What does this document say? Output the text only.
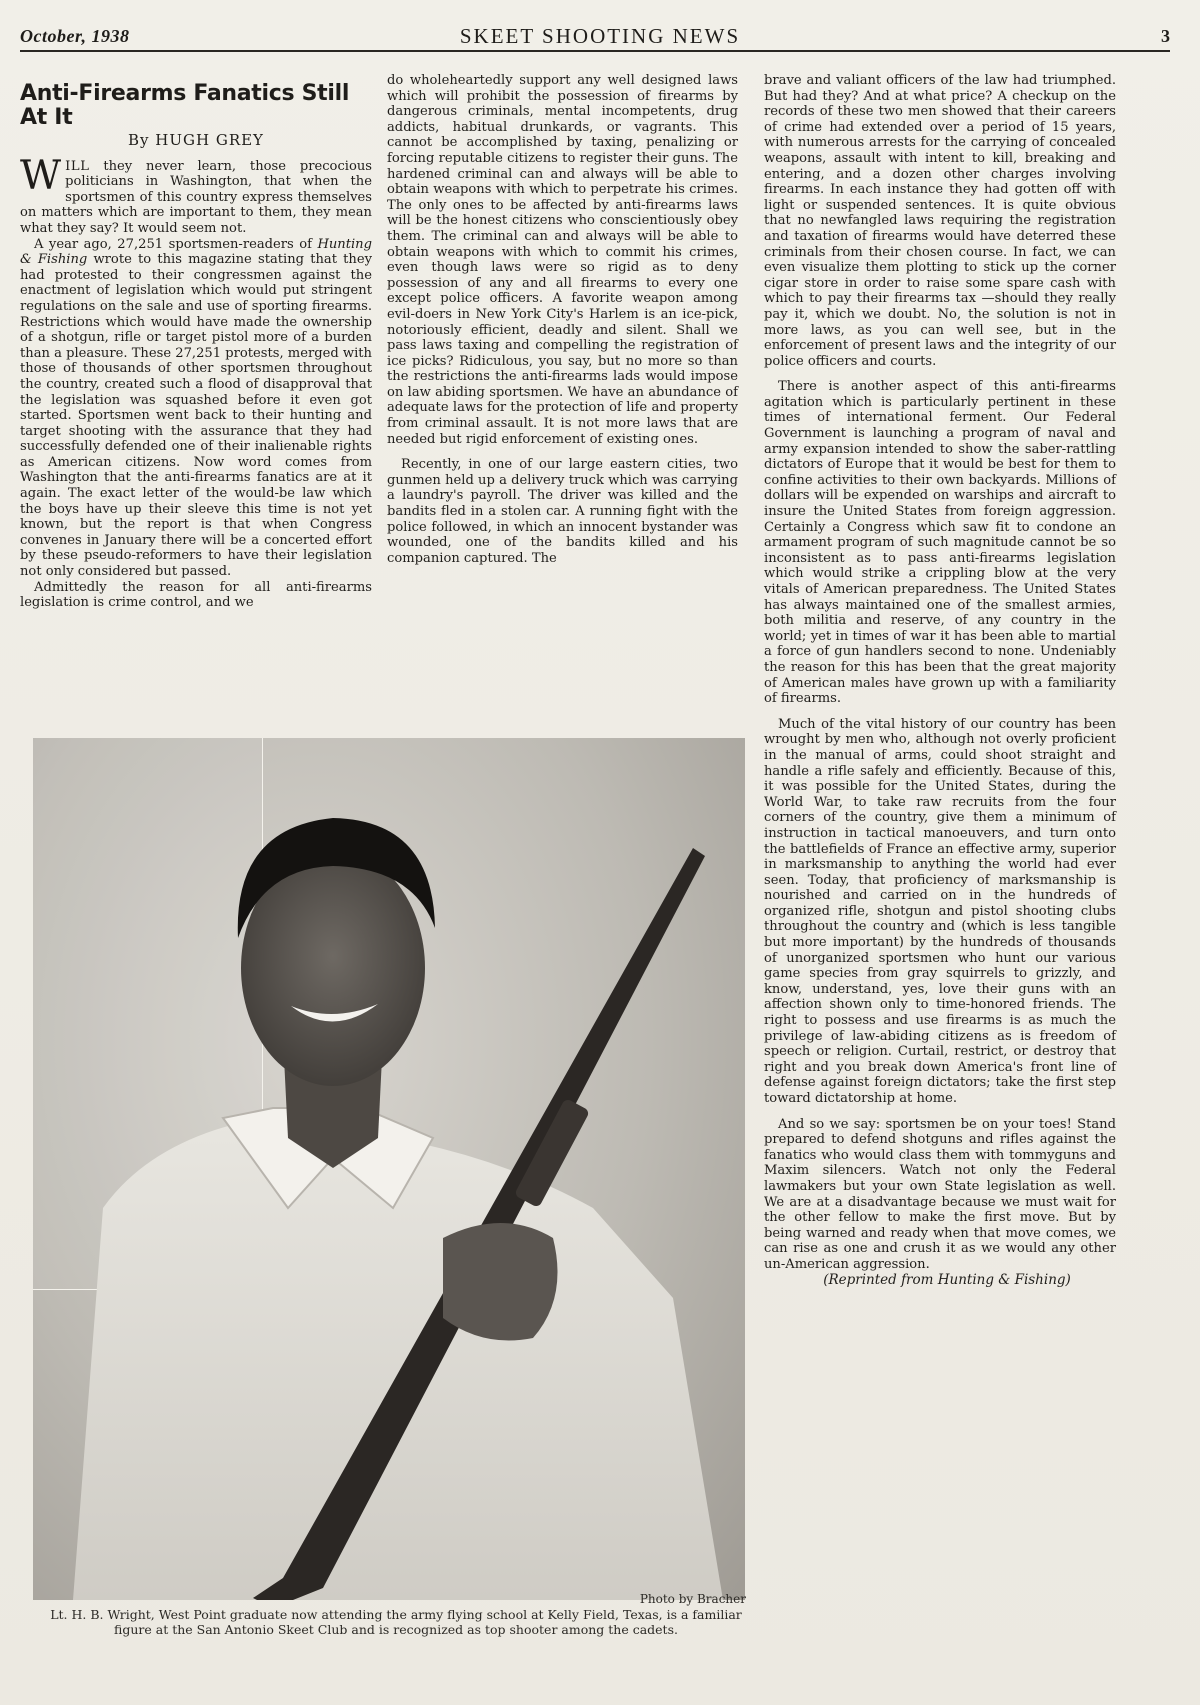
October, 1938	SKEET SHOOTING NEWS	3
Anti-Firearms Fanatics Still At It
By HUGH GREY

WILL they never learn, those precocious politicians in Washington, that when the sportsmen of this country express themselves on matters which are important to them, they mean what they say? It would seem not.

A year ago, 27,251 sportsmen-readers of Hunting & Fishing wrote to this magazine stating that they had protested to their congressmen against the enactment of legislation which would put stringent regulations on the sale and use of sporting firearms. Restrictions which would have made the ownership of a shotgun, rifle or target pistol more of a burden than a pleasure. These 27,251 protests, merged with those of thousands of other sportsmen throughout the country, created such a flood of disapproval that the legislation was squashed before it even got started. Sportsmen went back to their hunting and target shooting with the assurance that they had successfully defended one of their inalienable rights as American citizens. Now word comes from Washington that the anti-firearms fanatics are at it again. The exact letter of the would-be law which the boys have up their sleeve this time is not yet known, but the report is that when Congress convenes in January there will be a concerted effort by these pseudo-reformers to have their legislation not only considered but passed.

Admittedly the reason for all anti-firearms legislation is crime control, and we

do wholeheartedly support any well designed laws which will prohibit the possession of firearms by dangerous criminals, mental incompetents, drug addicts, habitual drunkards, or vagrants. This cannot be accomplished by taxing, penalizing or forcing reputable citizens to register their guns. The hardened criminal can and always will be able to obtain weapons with which to perpetrate his crimes. The only ones to be affected by anti-firearms laws will be the honest citizens who conscientiously obey them. The criminal can and always will be able to obtain weapons with which to commit his crimes, even though laws were so rigid as to deny possession of any and all firearms to every one except police officers. A favorite weapon among evil-doers in New York City's Harlem is an ice-pick, notoriously efficient, deadly and silent. Shall we pass laws taxing and compelling the registration of ice picks? Ridiculous, you say, but no more so than the restrictions the anti-firearms lads would impose on law abiding sportsmen. We have an abundance of adequate laws for the protection of life and property from criminal assault. It is not more laws that are needed but rigid enforcement of existing ones.

Recently, in one of our large eastern cities, two gunmen held up a delivery truck which was carrying a laundry's payroll. The driver was killed and the bandits fled in a stolen car. A running fight with the police followed, in which an innocent bystander was wounded, one of the bandits killed and his companion captured. The

brave and valiant officers of the law had triumphed. But had they? And at what price? A checkup on the records of these two men showed that their careers of crime had extended over a period of 15 years, with numerous arrests for the carrying of concealed weapons, assault with intent to kill, breaking and entering, and a dozen other charges involving firearms. In each instance they had gotten off with light or suspended sentences. It is quite obvious that no newfangled laws requiring the registration and taxation of firearms would have deterred these criminals from their chosen course. In fact, we can even visualize them plotting to stick up the corner cigar store in order to raise some spare cash with which to pay their firearms tax —should they really pay it, which we doubt. No, the solution is not in more laws, as you can well see, but in the enforcement of present laws and the integrity of our police officers and courts.

There is another aspect of this anti-firearms agitation which is particularly pertinent in these times of international ferment. Our Federal Government is launching a program of naval and army expansion intended to show the saber-rattling dictators of Europe that it would be best for them to confine activities to their own backyards. Millions of dollars will be expended on warships and aircraft to insure the United States from foreign aggression. Certainly a Congress which saw fit to condone an armament program of such magnitude cannot be so inconsistent as to pass anti-firearms legislation which would strike a crippling blow at the very vitals of American preparedness. The United States has always maintained one of the smallest armies, both militia and reserve, of any country in the world; yet in times of war it has been able to martial a force of gun handlers second to none. Undeniably the reason for this has been that the great majority of American males have grown up with a familiarity of firearms.

Much of the vital history of our country has been wrought by men who, although not overly proficient in the manual of arms, could shoot straight and handle a rifle safely and efficiently. Because of this, it was possible for the United States, during the World War, to take raw recruits from the four corners of the country, give them a minimum of instruction in tactical manoeuvers, and turn onto the battlefields of France an effective army, superior in marksmanship to anything the world had ever seen. Today, that proficiency of marksmanship is nourished and carried on in the hundreds of organized rifle, shotgun and pistol shooting clubs throughout the country and (which is less tangible but more important) by the hundreds of thousands of unorganized sportsmen who hunt our various game species from gray squirrels to grizzly, and know, understand, yes, love their guns with an affection shown only to time-honored friends. The right to possess and use firearms is as much the privilege of law-abiding citizens as is freedom of speech or religion. Curtail, restrict, or destroy that right and you break down America's front line of defense against foreign dictators; take the first step toward dictatorship at home.

And so we say: sportsmen be on your toes! Stand prepared to defend shotguns and rifles against the fanatics who would class them with tommyguns and Maxim silencers. Watch not only the Federal lawmakers but your own State legislation as well. We are at a disadvantage because we must wait for the other fellow to make the first move. But by being warned and ready when that move comes, we can rise as one and crush it as we would any other un-American aggression.

(Reprinted from Hunting & Fishing)

Photo by Bracher
Lt. H. B. Wright, West Point graduate now attending the army flying school at Kelly Field, Texas, is a familiar figure at the San Antonio Skeet Club and is recognized as top shooter among the cadets.
